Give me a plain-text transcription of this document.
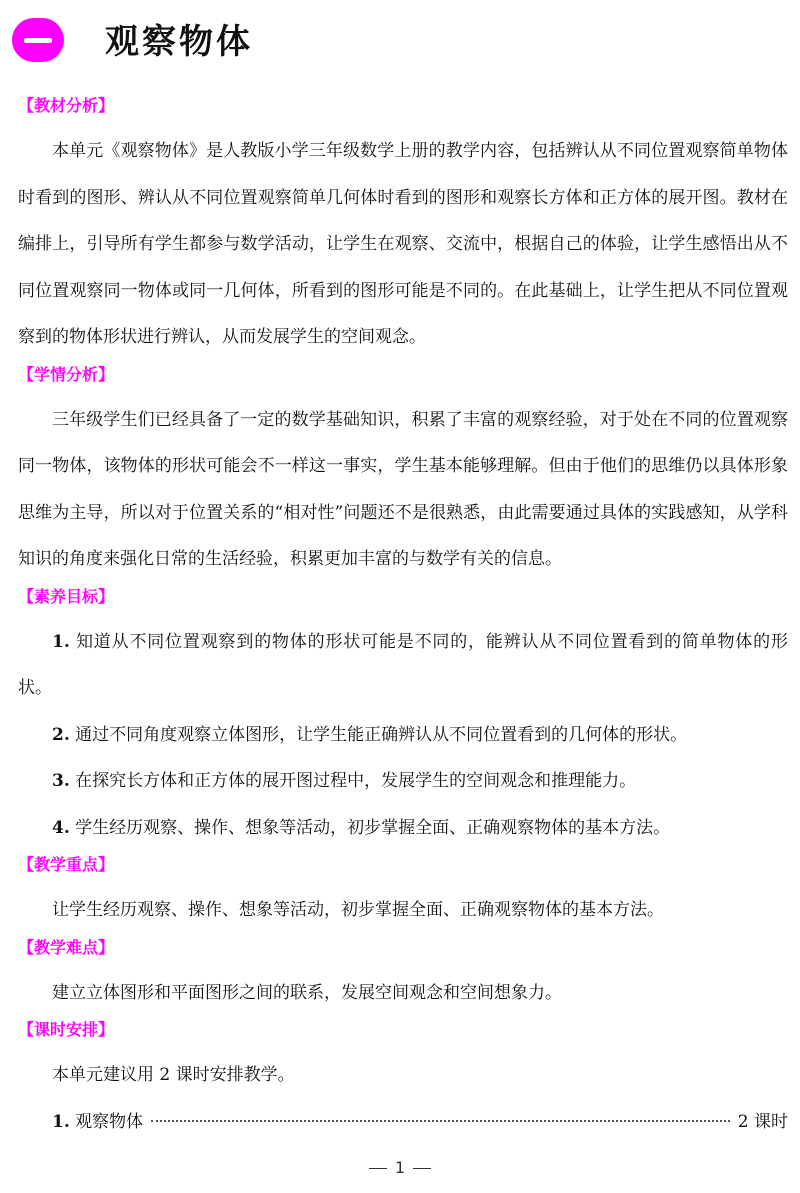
观察物体
【教材分析】

本单元《观察物体》是人教版小学三年级数学上册的教学内容，包括辨认从不同位置观察简单物体时看到的图形、辨认从不同位置观察简单几何体时看到的图形和观察长方体和正方体的展开图。教材在编排上，引导所有学生都参与数学活动，让学生在观察、交流中，根据自己的体验，让学生感悟出从不同位置观察同一物体或同一几何体，所看到的图形可能是不同的。在此基础上，让学生把从不同位置观察到的物体形状进行辨认，从而发展学生的空间观念。

【学情分析】

三年级学生们已经具备了一定的数学基础知识，积累了丰富的观察经验，对于处在不同的位置观察同一物体，该物体的形状可能会不一样这一事实，学生基本能够理解。但由于他们的思维仍以具体形象思维为主导，所以对于位置关系的“相对性”问题还不是很熟悉，由此需要通过具体的实践感知，从学科知识的角度来强化日常的生活经验，积累更加丰富的与数学有关的信息。

【素养目标】

1. 知道从不同位置观察到的物体的形状可能是不同的，能辨认从不同位置看到的简单物体的形状。

2. 通过不同角度观察立体图形，让学生能正确辨认从不同位置看到的几何体的形状。

3. 在探究长方体和正方体的展开图过程中，发展学生的空间观念和推理能力。

4. 学生经历观察、操作、想象等活动，初步掌握全面、正确观察物体的基本方法。

【教学重点】

让学生经历观察、操作、想象等活动，初步掌握全面、正确观察物体的基本方法。

【教学难点】

建立立体图形和平面图形之间的联系，发展空间观念和空间想象力。

【课时安排】

本单元建议用 2 课时安排教学。

1. 观察物体	2 课时
1
